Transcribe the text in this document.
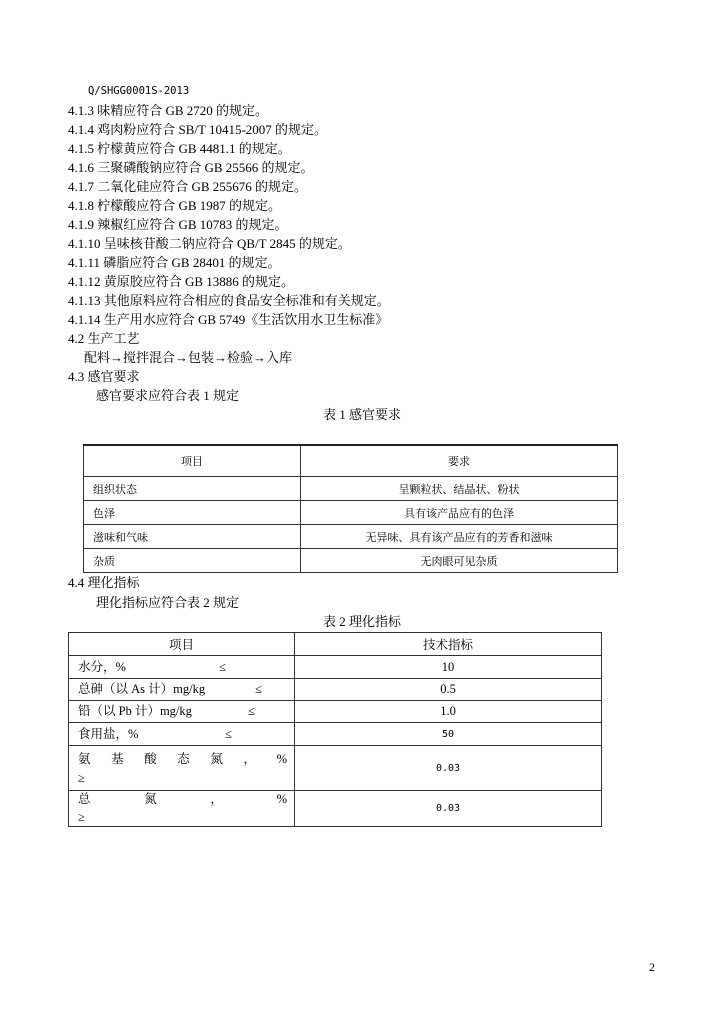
Q/SHGG0001S-2013
4.1.3 味精应符合 GB 2720 的规定。
4.1.4 鸡肉粉应符合 SB/T 10415-2007 的规定。
4.1.5 柠檬黄应符合 GB 4481.1 的规定。
4.1.6 三聚磷酸钠应符合 GB 25566 的规定。
4.1.7 二氧化硅应符合 GB 255676 的规定。
4.1.8 柠檬酸应符合 GB 1987 的规定。
4.1.9 辣椒红应符合 GB 10783 的规定。
4.1.10 呈味核苷酸二钠应符合 QB/T 2845 的规定。
4.1.11 磷脂应符合 GB 28401 的规定。
4.1.12 黄原胶应符合 GB 13886 的规定。
4.1.13 其他原料应符合相应的食品安全标准和有关规定。
4.1.14 生产用水应符合 GB 5749《生活饮用水卫生标准》
4.2 生产工艺
配料→搅拌混合→包装→检验→入库
4.3 感官要求
感官要求应符合表 1 规定
表 1 感官要求
项目	要求
组织状态	呈颗粒状、结晶状、粉状
色泽	具有该产品应有的色泽
滋味和气味	无异味、具有该产品应有的芳香和滋味
杂质	无肉眼可见杂质
4.4 理化指标
理化指标应符合表 2 规定
表 2 理化指标
项目	技术指标

水分，% ≤	10

总砷（以 As 计）mg/kg ≤	0.5

铅（以 Pb 计）mg/kg ≤	1.0

食用盐，% ≤	50

氨基酸态氮，%
≥	0.03

总氮，%
≥	0.03
2
